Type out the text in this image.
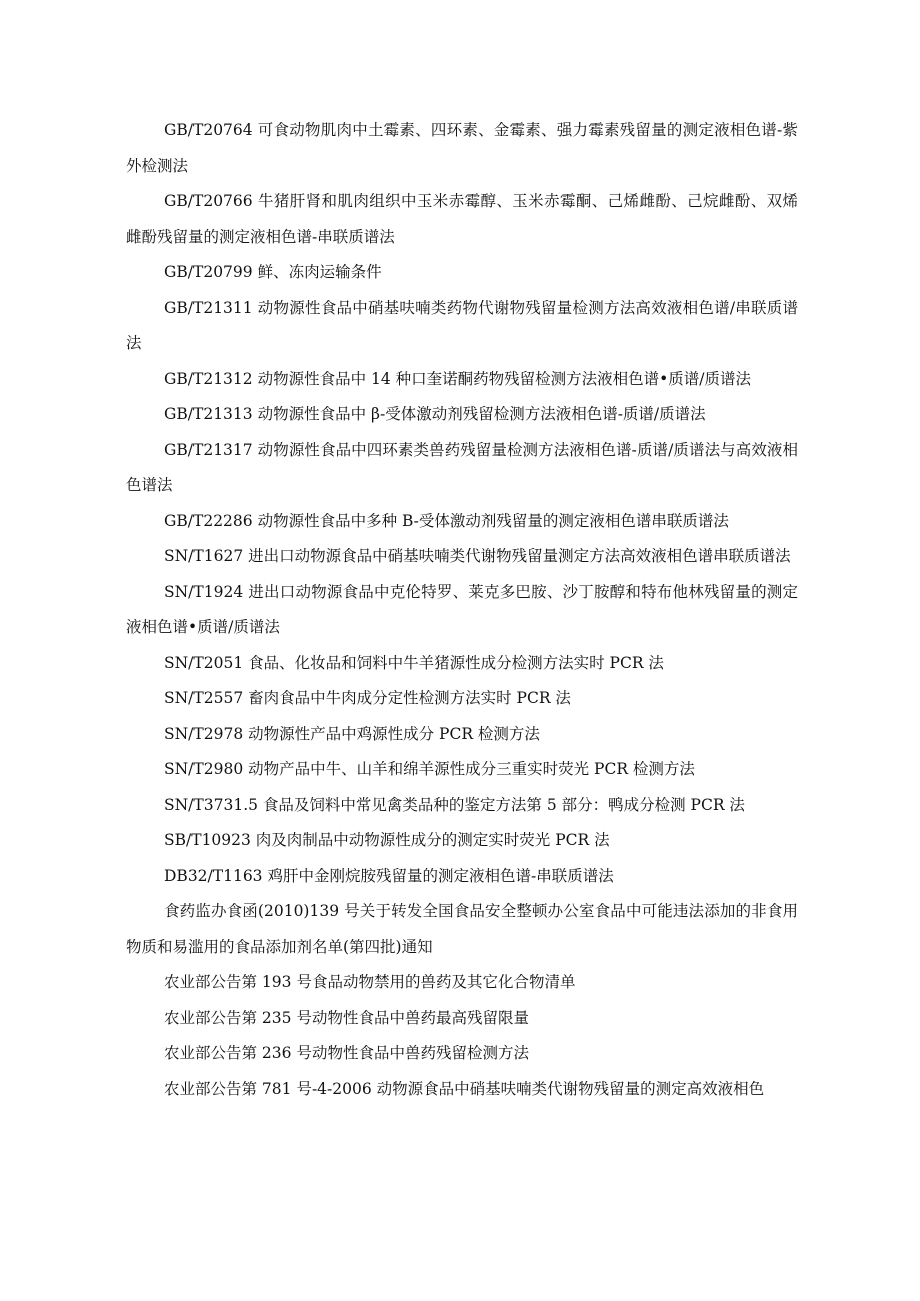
GB/T20764 可食动物肌肉中土霉素、四环素、金霉素、强力霉素残留量的测定液相色谱-紫外检测法

GB/T20766 牛猪肝肾和肌肉组织中玉米赤霉醇、玉米赤霉酮、己烯雌酚、己烷雌酚、双烯雌酚残留量的测定液相色谱-串联质谱法

GB/T20799 鲜、冻肉运输条件

GB/T21311 动物源性食品中硝基呋喃类药物代谢物残留量检测方法高效液相色谱/串联质谱法

GB/T21312 动物源性食品中 14 种口奎诺酮药物残留检测方法液相色谱•质谱/质谱法

GB/T21313 动物源性食品中 β-受体激动剂残留检测方法液相色谱-质谱/质谱法

GB/T21317 动物源性食品中四环素类兽药残留量检测方法液相色谱-质谱/质谱法与高效液相色谱法

GB/T22286 动物源性食品中多种 B-受体激动剂残留量的测定液相色谱串联质谱法

SN/T1627 进出口动物源食品中硝基呋喃类代谢物残留量测定方法高效液相色谱串联质谱法

SN/T1924 进出口动物源食品中克伦特罗、莱克多巴胺、沙丁胺醇和特布他林残留量的测定液相色谱•质谱/质谱法

SN/T2051 食品、化妆品和饲料中牛羊猪源性成分检测方法实时 PCR 法

SN/T2557 畜肉食品中牛肉成分定性检测方法实时 PCR 法

SN/T2978 动物源性产品中鸡源性成分 PCR 检测方法

SN/T2980 动物产品中牛、山羊和绵羊源性成分三重实时荧光 PCR 检测方法

SN/T3731.5 食品及饲料中常见禽类品种的鉴定方法第 5 部分：鸭成分检测 PCR 法

SB/T10923 肉及肉制品中动物源性成分的测定实时荧光 PCR 法

DB32/T1163 鸡肝中金刚烷胺残留量的测定液相色谱-串联质谱法

食药监办食函(2010)139 号关于转发全国食品安全整顿办公室食品中可能违法添加的非食用物质和易滥用的食品添加剂名单(第四批)通知

农业部公告第 193 号食品动物禁用的兽药及其它化合物清单

农业部公告第 235 号动物性食品中兽药最高残留限量

农业部公告第 236 号动物性食品中兽药残留检测方法

农业部公告第 781 号-4-2006 动物源食品中硝基呋喃类代谢物残留量的测定高效液相色
